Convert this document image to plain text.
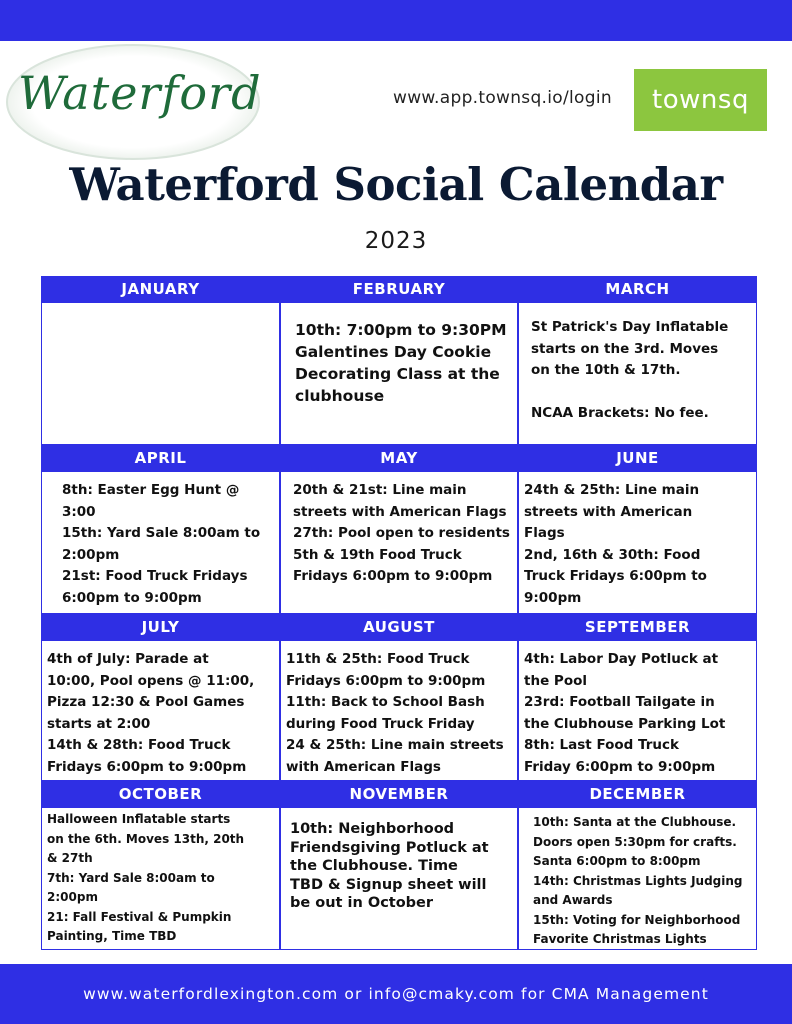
Waterford	www.app.townsq.io/login townsq
Waterford Social Calendar
2023
JANUARY	FEBRUARY
10th: 7:00pm to 9:30PM
Galentines Day Cookie
Decorating Class at the
clubhouse
MARCH
St Patrick's Day Inflatable
starts on the 3rd. Moves
on the 10th & 17th.

NCAA Brackets: No fee.
APRIL
8th: Easter Egg Hunt @
3:00
15th: Yard Sale 8:00am to
2:00pm
21st: Food Truck Fridays
6:00pm to 9:00pm
MAY
20th & 21st: Line main
streets with American Flags
27th: Pool open to residents
5th & 19th Food Truck
Fridays 6:00pm to 9:00pm
JUNE
24th & 25th: Line main
streets with American
Flags
2nd, 16th & 30th: Food
Truck Fridays 6:00pm to
9:00pm
JULY
4th of July: Parade at
10:00, Pool opens @ 11:00,
Pizza 12:30 & Pool Games
starts at 2:00
14th & 28th: Food Truck
Fridays 6:00pm to 9:00pm
AUGUST
11th & 25th: Food Truck
Fridays 6:00pm to 9:00pm
11th: Back to School Bash
during Food Truck Friday
24 & 25th: Line main streets
with American Flags
SEPTEMBER
4th: Labor Day Potluck at
the Pool
23rd: Football Tailgate in
the Clubhouse Parking Lot
8th: Last Food Truck
Friday 6:00pm to 9:00pm
OCTOBER
Halloween Inflatable starts
on the 6th. Moves 13th, 20th
& 27th
7th: Yard Sale 8:00am to
2:00pm
21: Fall Festival & Pumpkin
Painting, Time TBD
NOVEMBER
10th: Neighborhood
Friendsgiving Potluck at
the Clubhouse. Time
TBD & Signup sheet will
be out in October
DECEMBER
10th: Santa at the Clubhouse.
Doors open 5:30pm for crafts.
Santa 6:00pm to 8:00pm
14th: Christmas Lights Judging
and Awards
15th: Voting for Neighborhood
Favorite Christmas Lights
www.waterfordlexington.com or info@cmaky.com for CMA Management
